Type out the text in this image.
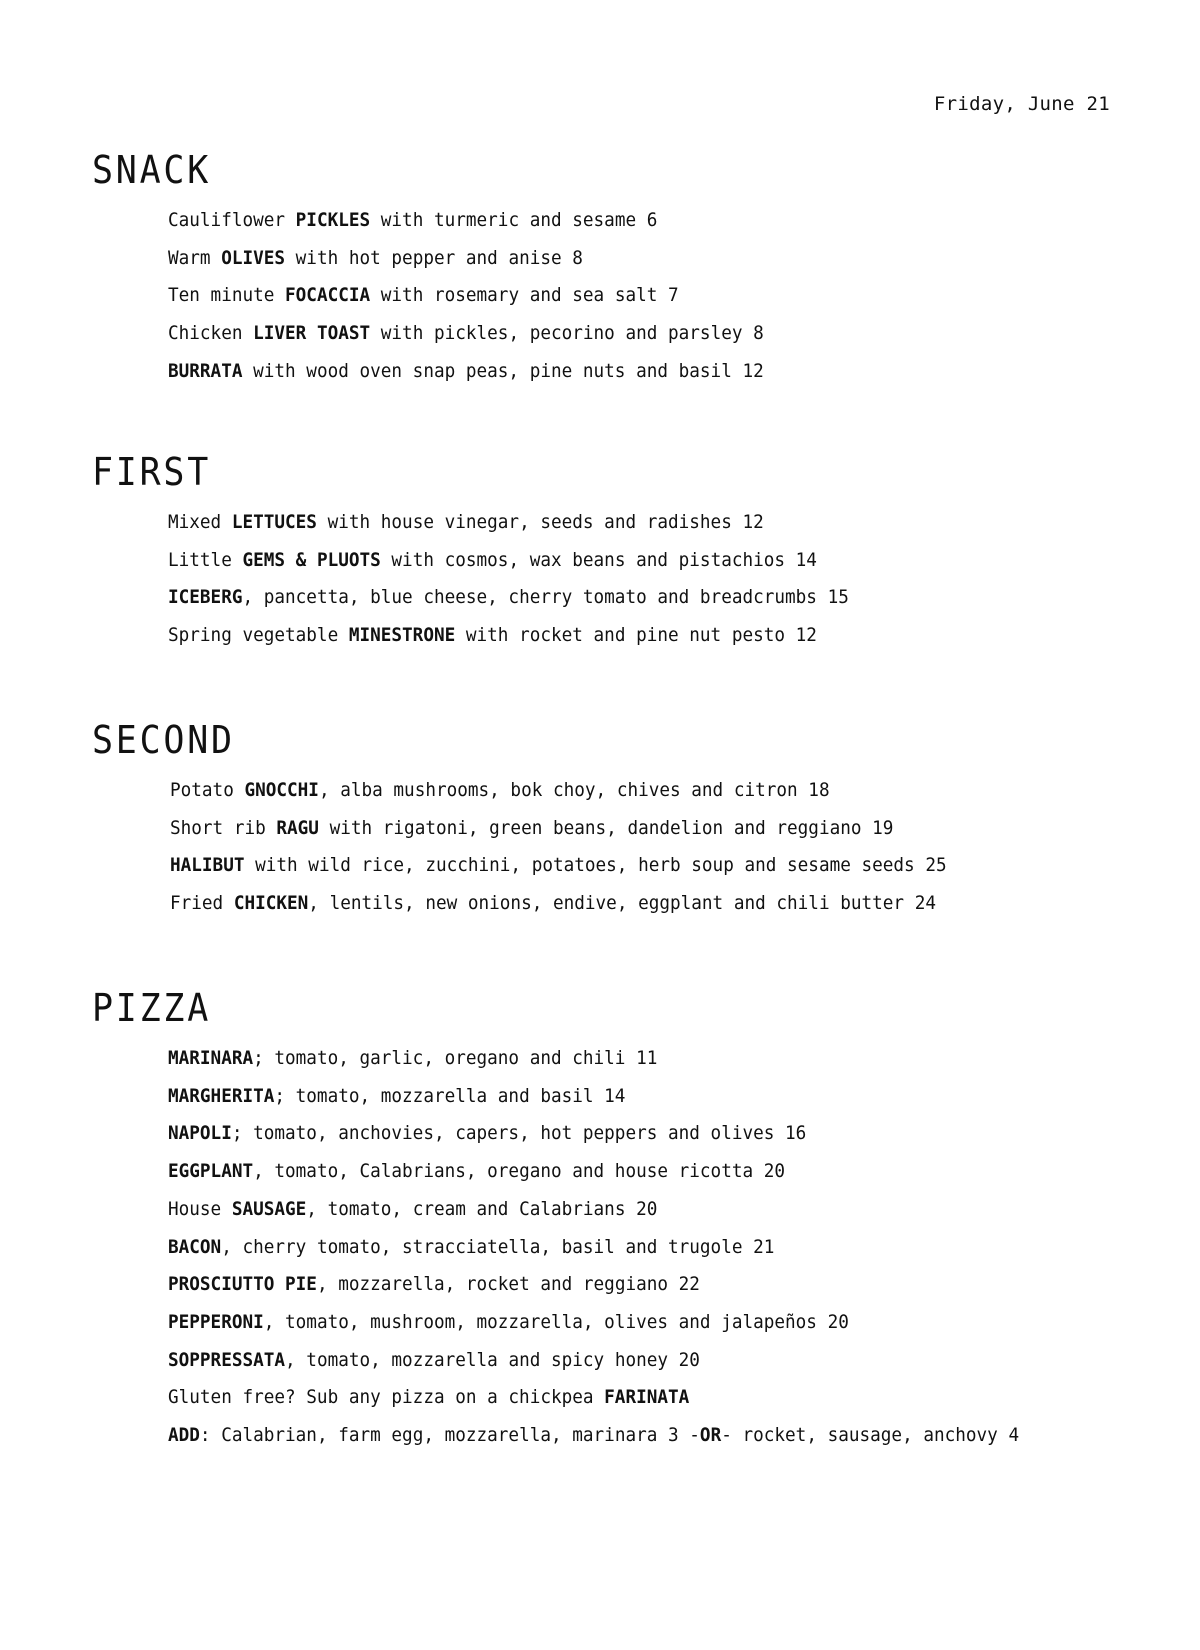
Friday, June 21

SNACK
Cauliflower PICKLES with turmeric and sesame 6
Warm OLIVES with hot pepper and anise 8
Ten minute FOCACCIA with rosemary and sea salt 7
Chicken LIVER TOAST with pickles, pecorino and parsley 8
BURRATA with wood oven snap peas, pine nuts and basil 12
FIRST
Mixed LETTUCES with house vinegar, seeds and radishes 12
Little GEMS & PLUOTS with cosmos, wax beans and pistachios 14
ICEBERG, pancetta, blue cheese, cherry tomato and breadcrumbs 15
Spring vegetable MINESTRONE with rocket and pine nut pesto 12
SECOND
Potato GNOCCHI, alba mushrooms, bok choy, chives and citron 18
Short rib RAGU with rigatoni, green beans, dandelion and reggiano 19
HALIBUT with wild rice, zucchini, potatoes, herb soup and sesame seeds 25
Fried CHICKEN, lentils, new onions, endive, eggplant and chili butter 24
PIZZA
MARINARA; tomato, garlic, oregano and chili 11
MARGHERITA; tomato, mozzarella and basil 14
NAPOLI; tomato, anchovies, capers, hot peppers and olives 16
EGGPLANT, tomato, Calabrians, oregano and house ricotta 20
House SAUSAGE, tomato, cream and Calabrians 20
BACON, cherry tomato, stracciatella, basil and trugole 21
PROSCIUTTO PIE, mozzarella, rocket and reggiano 22
PEPPERONI, tomato, mushroom, mozzarella, olives and jalapeños 20
SOPPRESSATA, tomato, mozzarella and spicy honey 20
Gluten free? Sub any pizza on a chickpea FARINATA
ADD: Calabrian, farm egg, mozzarella, marinara 3 -OR- rocket, sausage, anchovy 4
